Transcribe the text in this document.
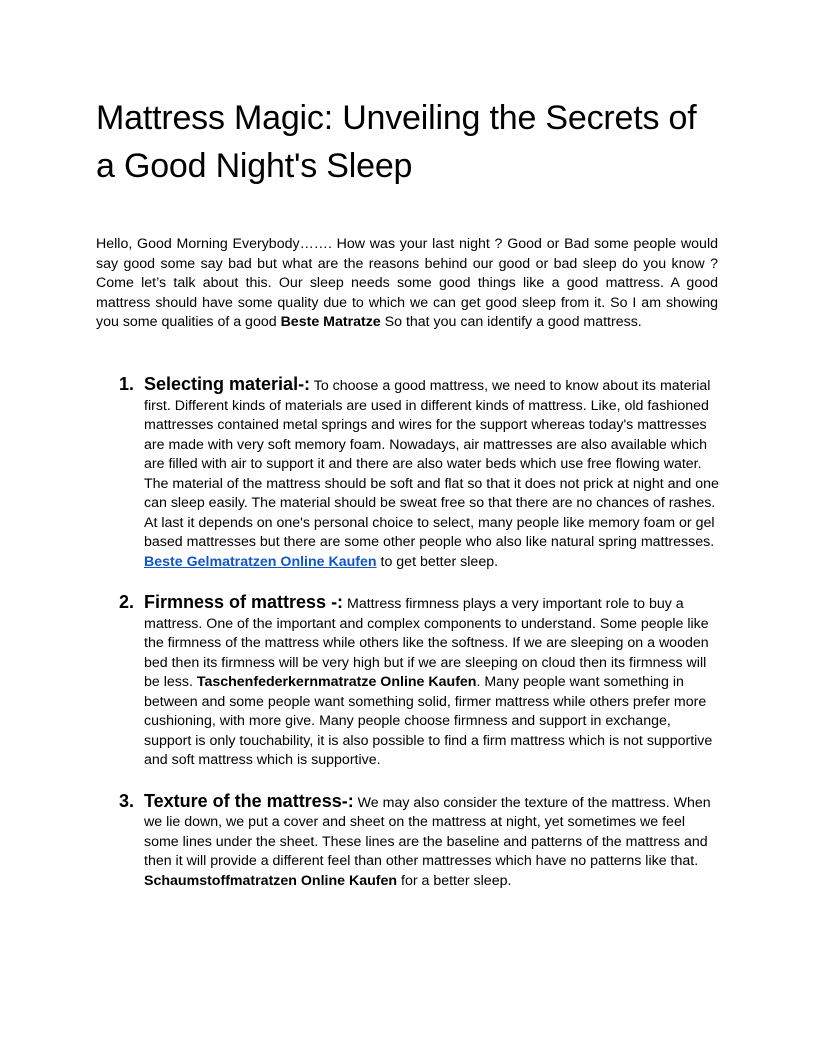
Mattress Magic: Unveiling the Secrets of a Good Night's Sleep

Hello, Good Morning Everybody……. How was your last night ? Good or Bad some people would say good some say bad but what are the reasons behind our good or bad sleep do you know ? Come let’s talk about this. Our sleep needs some good things like a good mattress. A good mattress should have some quality due to which we can get good sleep from it. So I am showing you some qualities of a good Beste Matratze So that you can identify a good mattress.

1. Selecting material-: To choose a good mattress, we need to know about its material first. Different kinds of materials are used in different kinds of mattress. Like, old fashioned mattresses contained metal springs and wires for the support whereas today's mattresses are made with very soft memory foam. Nowadays, air mattresses are also available which are filled with air to support it and there are also water beds which use free flowing water. The material of the mattress should be soft and flat so that it does not prick at night and one can sleep easily. The material should be sweat free so that there are no chances of rashes. At last it depends on one's personal choice to select, many people like memory foam or gel based mattresses but there are some other people who also like natural spring mattresses. Beste Gelmatratzen Online Kaufen to get better sleep.
2. Firmness of mattress -: Mattress firmness plays a very important role to buy a mattress. One of the important and complex components to understand. Some people like the firmness of the mattress while others like the softness. If we are sleeping on a wooden bed then its firmness will be very high but if we are sleeping on cloud then its firmness will be less. Taschenfederkernmatratze Online Kaufen. Many people want something in between and some people want something solid, firmer mattress while others prefer more cushioning, with more give. Many people choose firmness and support in exchange, support is only touchability, it is also possible to find a firm mattress which is not supportive and soft mattress which is supportive.
3. Texture of the mattress-: We may also consider the texture of the mattress. When we lie down, we put a cover and sheet on the mattress at night, yet sometimes we feel some lines under the sheet. These lines are the baseline and patterns of the mattress and then it will provide a different feel than other mattresses which have no patterns like that. Schaumstoffmatratzen Online Kaufen for a better sleep.
